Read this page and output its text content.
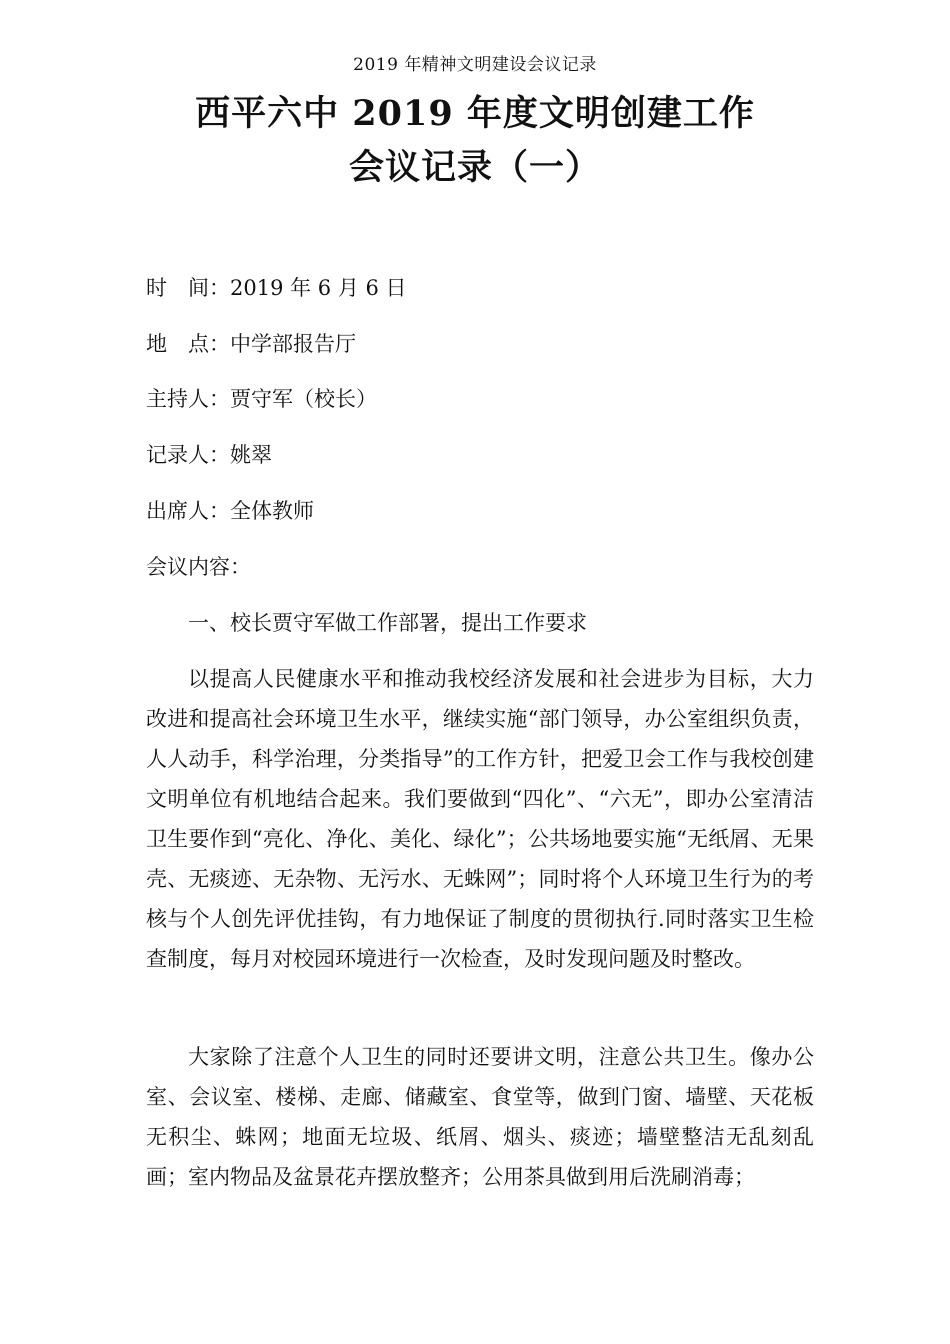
2019 年精神文明建设会议记录
西平六中 2019 年度文明创建工作
会议记录（一）
时　间：2019 年 6 月 6 日
地　点：中学部报告厅
主持人：贾守军（校长）
记录人：姚翠
出席人：全体教师
会议内容：
一、校长贾守军做工作部署，提出工作要求
以提高人民健康水平和推动我校经济发展和社会进步为目标，大力改进和提高社会环境卫生水平，继续实施“部门领导，办公室组织负责，人人动手，科学治理，分类指导”的工作方针，把爱卫会工作与我校创建文明单位有机地结合起来。我们要做到“四化”、“六无”，即办公室清洁卫生要作到“亮化、净化、美化、绿化”；公共场地要实施“无纸屑、无果壳、无痰迹、无杂物、无污水、无蛛网”；同时将个人环境卫生行为的考核与个人创先评优挂钩，有力地保证了制度的贯彻执行.同时落实卫生检查制度，每月对校园环境进行一次检查，及时发现问题及时整改。
大家除了注意个人卫生的同时还要讲文明，注意公共卫生。像办公室、会议室、楼梯、走廊、储藏室、食堂等，做到门窗、墙壁、天花板无积尘、蛛网；地面无垃圾、纸屑、烟头、痰迹；墙壁整洁无乱刻乱画；室内物品及盆景花卉摆放整齐；公用茶具做到用后洗刷消毒；
